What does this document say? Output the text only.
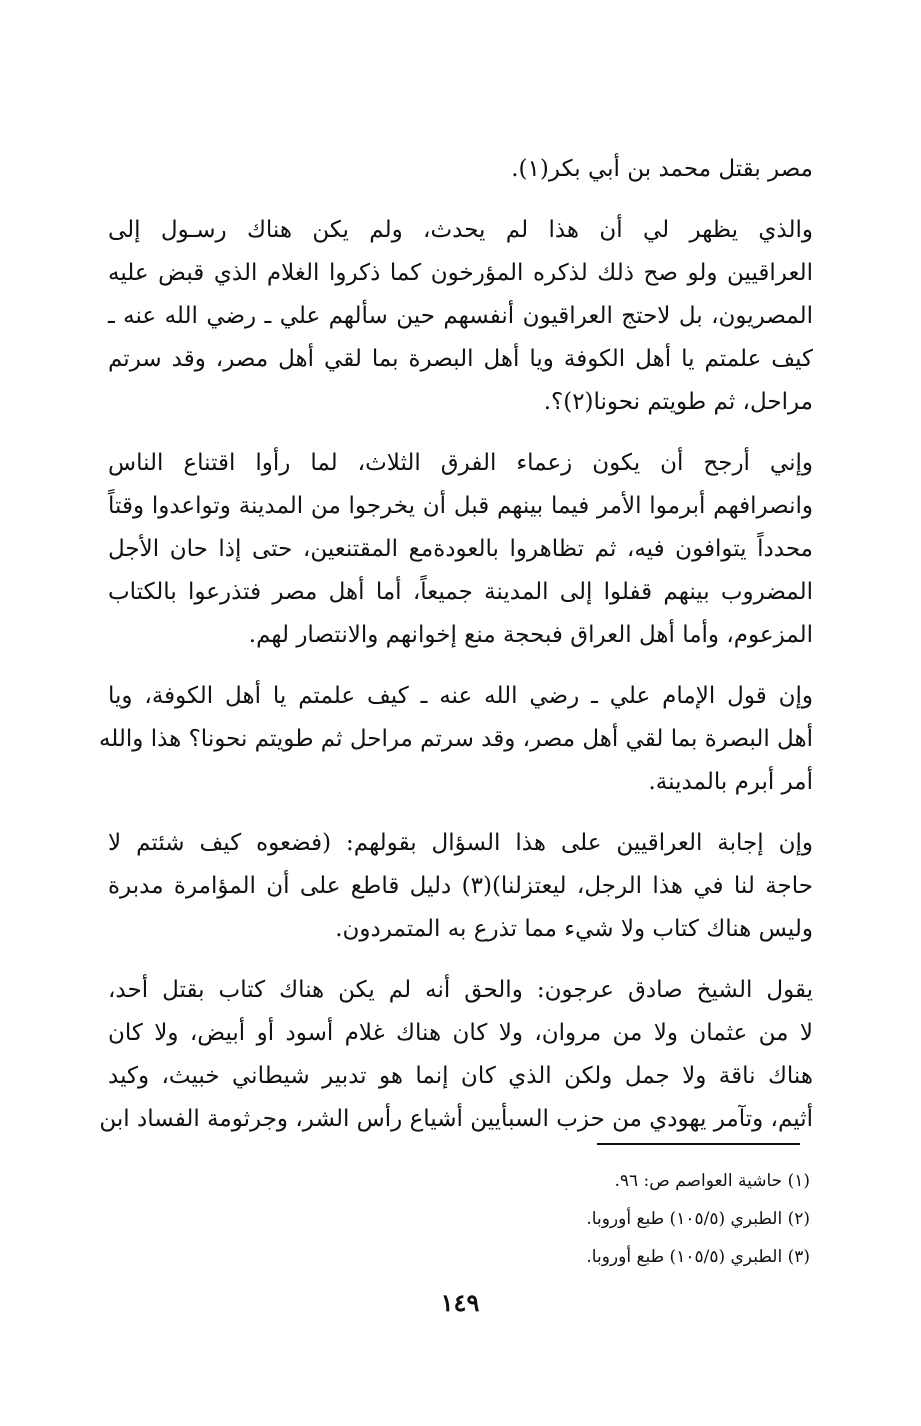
مصر بقتل محمد بن أبي بكر(١).
والذي يظهر لي أن هذا لم يحدث، ولم يكن هناك رسـول إلى
العراقيين ولو صح ذلك لذكره المؤرخون كما ذكروا الغلام الذي قبض عليه
المصريون، بل لاحتج العراقيون أنفسهم حين سألهم علي ـ رضي الله عنه ـ
كيف علمتم يا أهل الكوفة ويا أهل البصرة بما لقي أهل مصر، وقد سرتم
مراحل، ثم طويتم نحونا(٢)؟.
وإني أرجح أن يكون زعماء الفرق الثلاث، لما رأوا اقتناع الناس
وانصرافهم أبرموا الأمر فيما بينهم قبل أن يخرجوا من المدينة وتواعدوا وقتاً
محدداً يتوافون فيه، ثم تظاهروا بالعودةمع المقتنعين، حتى إذا حان الأجل
المضروب بينهم قفلوا إلى المدينة جميعاً، أما أهل مصر فتذرعوا بالكتاب
المزعوم، وأما أهل العراق فبحجة منع إخوانهم والانتصار لهم.
وإن قول الإمام علي ـ رضي الله عنه ـ كيف علمتم يا أهل الكوفة، ويا
أهل البصرة بما لقي أهل مصر، وقد سرتم مراحل ثم طويتم نحونا؟ هذا والله
أمر أبرم بالمدينة.
وإن إجابة العراقيين على هذا السؤال بقولهم: (فضعوه كيف شئتم لا
حاجة لنا في هذا الرجل، ليعتزلنا)(٣) دليل قاطع على أن المؤامرة مدبرة
وليس هناك كتاب ولا شيء مما تذرع به المتمردون.
يقول الشيخ صادق عرجون: والحق أنه لم يكن هناك كتاب بقتل أحد،
لا من عثمان ولا من مروان، ولا كان هناك غلام أسود أو أبيض، ولا كان
هناك ناقة ولا جمل ولكن الذي كان إنما هو تدبير شيطاني خبيث، وكيد
أثيم، وتآمر يهودي من حزب السبأيين أشياع رأس الشر، وجرثومة الفساد ابن
(١) حاشية العواصم ص: ٩٦.
(٢) الطبري (١٠٥/٥) طبع أوروبا.
(٣) الطبري (١٠٥/٥) طبع أوروبا.
١٤٩
